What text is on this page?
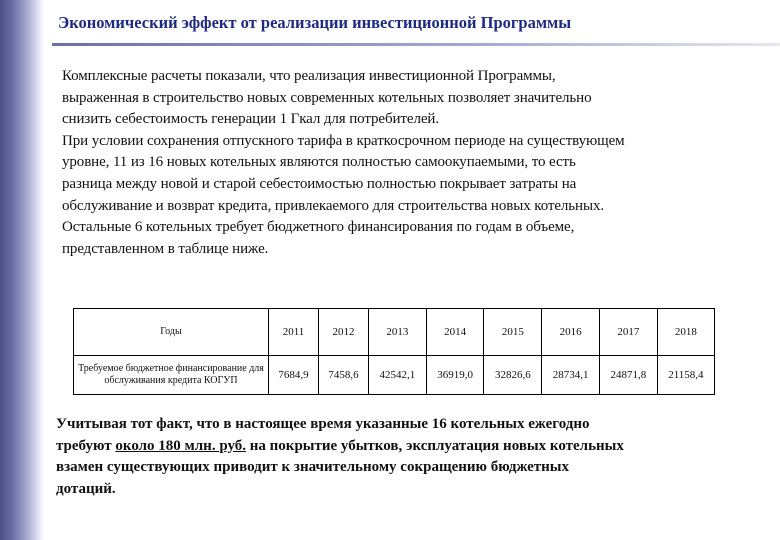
Экономический эффект от реализации инвестиционной Программы
Комплексные расчеты показали, что реализация инвестиционной Программы,
выраженная в строительство новых современных котельных позволяет значительно
снизить себестоимость генерации 1 Гкал для потребителей.
При условии сохранения отпускного тарифа в краткосрочном периоде на существующем
уровне, 11 из 16 новых котельных являются полностью самоокупаемыми, то есть
разница между новой и старой себестоимостью полностью покрывает затраты на
обслуживание и возврат кредита, привлекаемого для строительства новых котельных.
Остальные 6 котельных требует бюджетного финансирования по годам в объеме,
представленном в таблице ниже.
Годы	2011	2012	2013	2014	2015	2016	2017	2018
Требуемое бюджетное финансирование для обслуживания кредита КОГУП	7684,9	7458,6	42542,1	36919,0	32826,6	28734,1	24871,8	21158,4
Учитывая тот факт, что в настоящее время указанные 16 котельных ежегодно
требуют около 180 млн. руб. на покрытие убытков, эксплуатация новых котельных
взамен существующих приводит к значительному сокращению бюджетных
дотаций.
